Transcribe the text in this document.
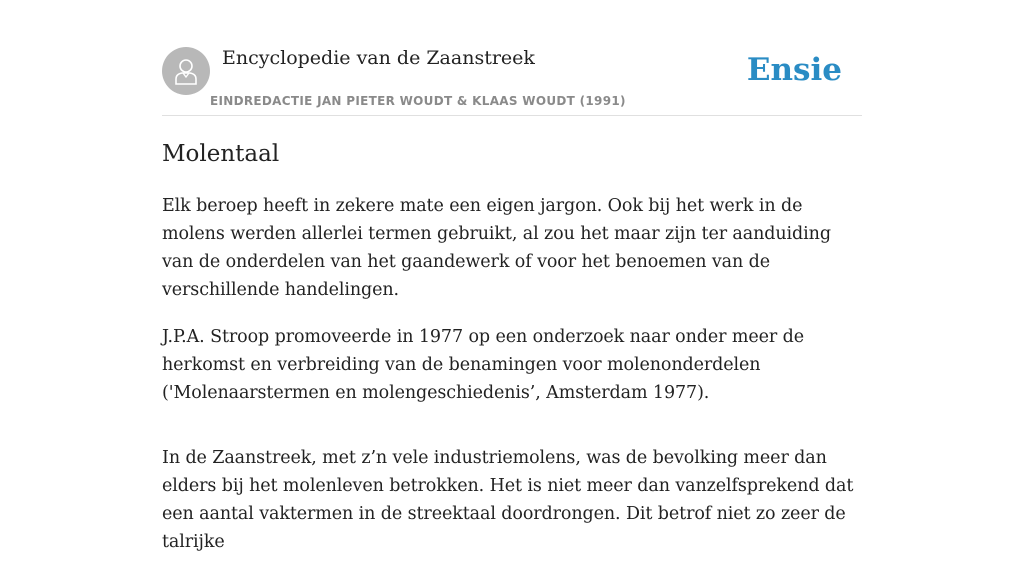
Encyclopedie van de Zaanstreek
EINDREDACTIE JAN PIETER WOUDT & KLAAS WOUDT (1991)
Ensie
Molentaal

Elk beroep heeft in zekere mate een eigen jargon. Ook bij het werk in de molens werden allerlei termen gebruikt, al zou het maar zijn ter aanduiding van de onderdelen van het gaandewerk of voor het benoemen van de verschillende handelingen.

J.P.A. Stroop promoveerde in 1977 op een onderzoek naar onder meer de herkomst en verbreiding van de benamingen voor molenonderdelen ('Molenaarstermen en molengeschiedenis’, Amsterdam 1977).

In de Zaanstreek, met z’n vele industriemolens, was de bevolking meer dan elders bij het molenleven betrokken. Het is niet meer dan vanzelfsprekend dat een aantal vaktermen in de streektaal doordrongen. Dit betrof niet zo zeer de talrijke
